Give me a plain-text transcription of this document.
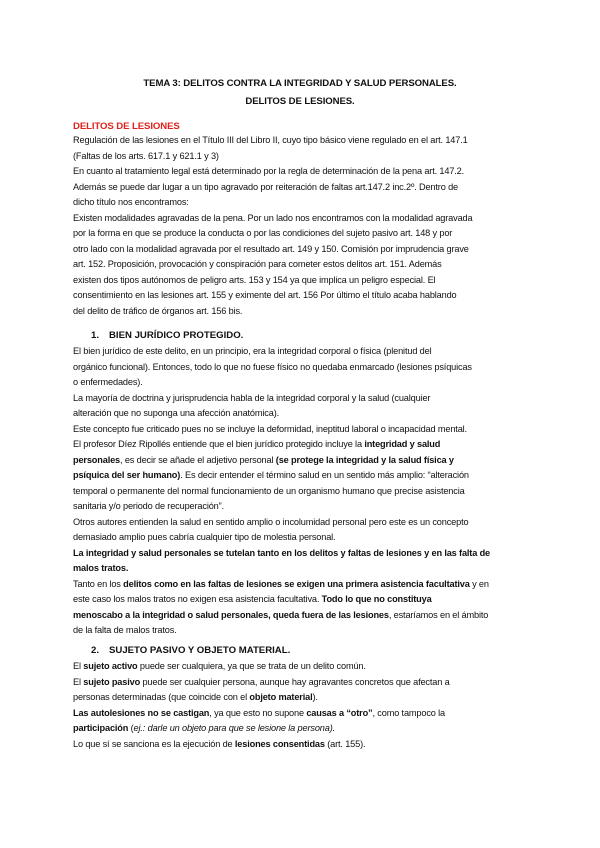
TEMA 3: DELITOS CONTRA LA INTEGRIDAD Y SALUD PERSONALES.
DELITOS DE LESIONES.
DELITOS DE LESIONES
Regulación de las lesiones en el Título III del Libro II, cuyo tipo básico viene regulado en el art. 147.1
(Faltas de los arts. 617.1 y 621.1 y 3)
En cuanto al tratamiento legal está determinado por la regla de determinación de la pena art. 147.2.
Además se puede dar lugar a un tipo agravado por reiteración de faltas art.147.2 inc.2º. Dentro de
dicho título nos encontramos:
Existen modalidades agravadas de la pena. Por un lado nos encontramos con la modalidad agravada
por la forma en que se produce la conducta o por las condiciones del sujeto pasivo art. 148 y por
otro lado con la modalidad agravada por el resultado art. 149 y 150. Comisión por imprudencia grave
art. 152. Proposición, provocación y conspiración para cometer estos delitos art. 151. Además
existen dos tipos autónomos de peligro arts. 153 y 154 ya que implica un peligro especial. El
consentimiento en las lesiones art. 155 y eximente del art. 156 Por último el título acaba hablando
del delito de tráfico de órganos art. 156 bis.
1. BIEN JURÍDICO PROTEGIDO.
El bien jurídico de este delito, en un principio, era la integridad corporal o física (plenitud del
orgánico funcional). Entonces, todo lo que no fuese físico no quedaba enmarcado (lesiones psíquicas
o enfermedades).
La mayoría de doctrina y jurisprudencia habla de la integridad corporal y la salud (cualquier
alteración que no suponga una afección anatómica).
Este concepto fue criticado pues no se incluye la deformidad, ineptitud laboral o incapacidad mental.
El profesor Díez Ripollés entiende que el bien jurídico protegido incluye la integridad y salud
personales, es decir se añade el adjetivo personal (se protege la integridad y la salud física y
psíquica del ser humano). Es decir entender el término salud en un sentido más amplio: “alteración
temporal o permanente del normal funcionamiento de un organismo humano que precise asistencia
sanitaria y/o periodo de recuperación”.
Otros autores entienden la salud en sentido amplio o incolumidad personal pero este es un concepto
demasiado amplio pues cabría cualquier tipo de molestia personal.
La integridad y salud personales se tutelan tanto en los delitos y faltas de lesiones y en las falta de
malos tratos.
Tanto en los delitos como en las faltas de lesiones se exigen una primera asistencia facultativa y en
este caso los malos tratos no exigen esa asistencia facultativa. Todo lo que no constituya
menoscabo a la integridad o salud personales, queda fuera de las lesiones, estaríamos en el ámbito
de la falta de malos tratos.
2. SUJETO PASIVO Y OBJETO MATERIAL.
El sujeto activo puede ser cualquiera, ya que se trata de un delito común.
El sujeto pasivo puede ser cualquier persona, aunque hay agravantes concretos que afectan a
personas determinadas (que coincide con el objeto material).
Las autolesiones no se castigan, ya que esto no supone causas a “otro”, como tampoco la
participación (ej.: darle un objeto para que se lesione la persona).
Lo que sí se sanciona es la ejecución de lesiones consentidas (art. 155).
